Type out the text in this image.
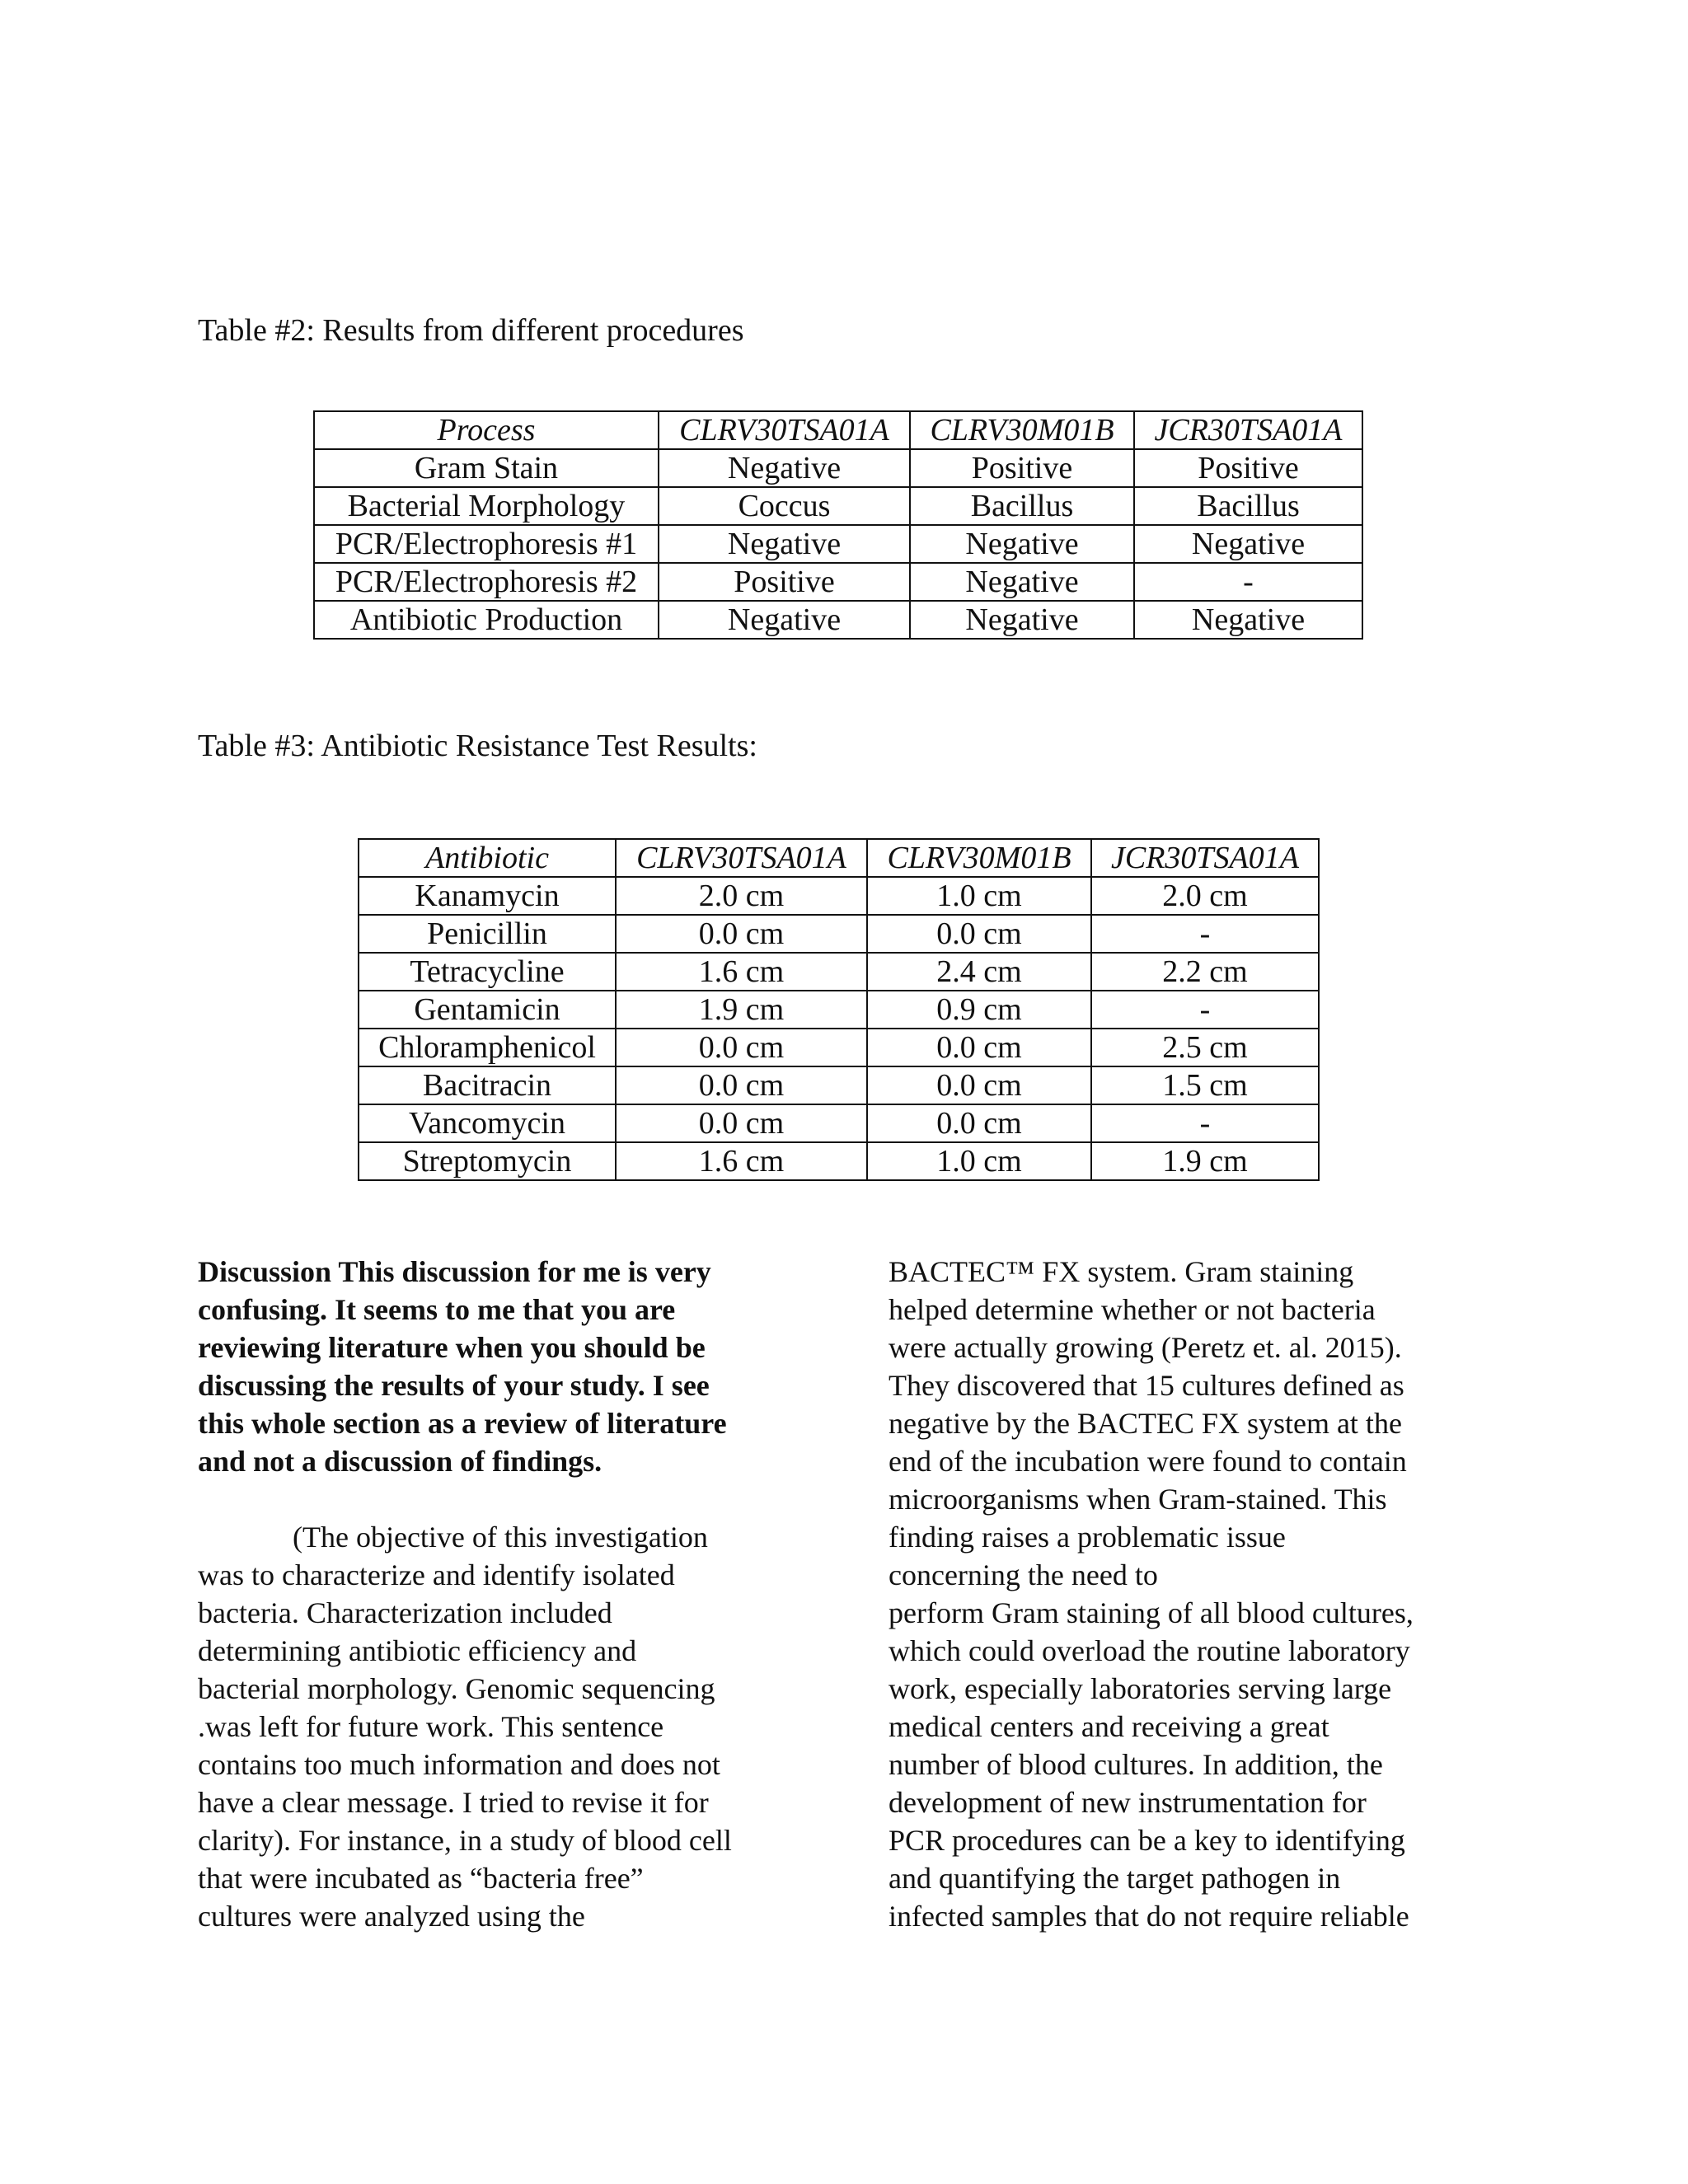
Table #2: Results from different procedures
Process	CLRV30TSA01A	CLRV30M01B	JCR30TSA01A
Gram Stain	Negative	Positive	Positive
Bacterial Morphology	Coccus	Bacillus	Bacillus
PCR/Electrophoresis #1	Negative	Negative	Negative
PCR/Electrophoresis #2	Positive	Negative	-
Antibiotic Production	Negative	Negative	Negative
Table #3: Antibiotic Resistance Test Results:
Antibiotic	CLRV30TSA01A	CLRV30M01B	JCR30TSA01A
Kanamycin	2.0 cm	1.0 cm	2.0 cm
Penicillin	0.0 cm	0.0 cm	-
Tetracycline	1.6 cm	2.4 cm	2.2 cm
Gentamicin	1.9 cm	0.9 cm	-
Chloramphenicol	0.0 cm	0.0 cm	2.5 cm
Bacitracin	0.0 cm	0.0 cm	1.5 cm
Vancomycin	0.0 cm	0.0 cm	-
Streptomycin	1.6 cm	1.0 cm	1.9 cm
Discussion This discussion for me is very
confusing. It seems to me that you are
reviewing literature when you should be
discussing the results of your study. I see
this whole section as a review of literature
and not a discussion of findings.
(The objective of this investigation
was to characterize and identify isolated
bacteria. Characterization included
determining antibiotic efficiency and
bacterial morphology. Genomic sequencing
.was left for future work. This sentence
contains too much information and does not
have a clear message. I tried to revise it for
clarity). For instance, in a study of blood cell
that were incubated as “bacteria free”
cultures were analyzed using the
BACTEC™ FX system. Gram staining
helped determine whether or not bacteria
were actually growing (Peretz et. al. 2015).
They discovered that 15 cultures defined as
negative by the BACTEC FX system at the
end of the incubation were found to contain
microorganisms when Gram-stained. This
finding raises a problematic issue
concerning the need to
perform Gram staining of all blood cultures,
which could overload the routine laboratory
work, especially laboratories serving large
medical centers and receiving a great
number of blood cultures. In addition, the
development of new instrumentation for
PCR procedures can be a key to identifying
and quantifying the target pathogen in
infected samples that do not require reliable
